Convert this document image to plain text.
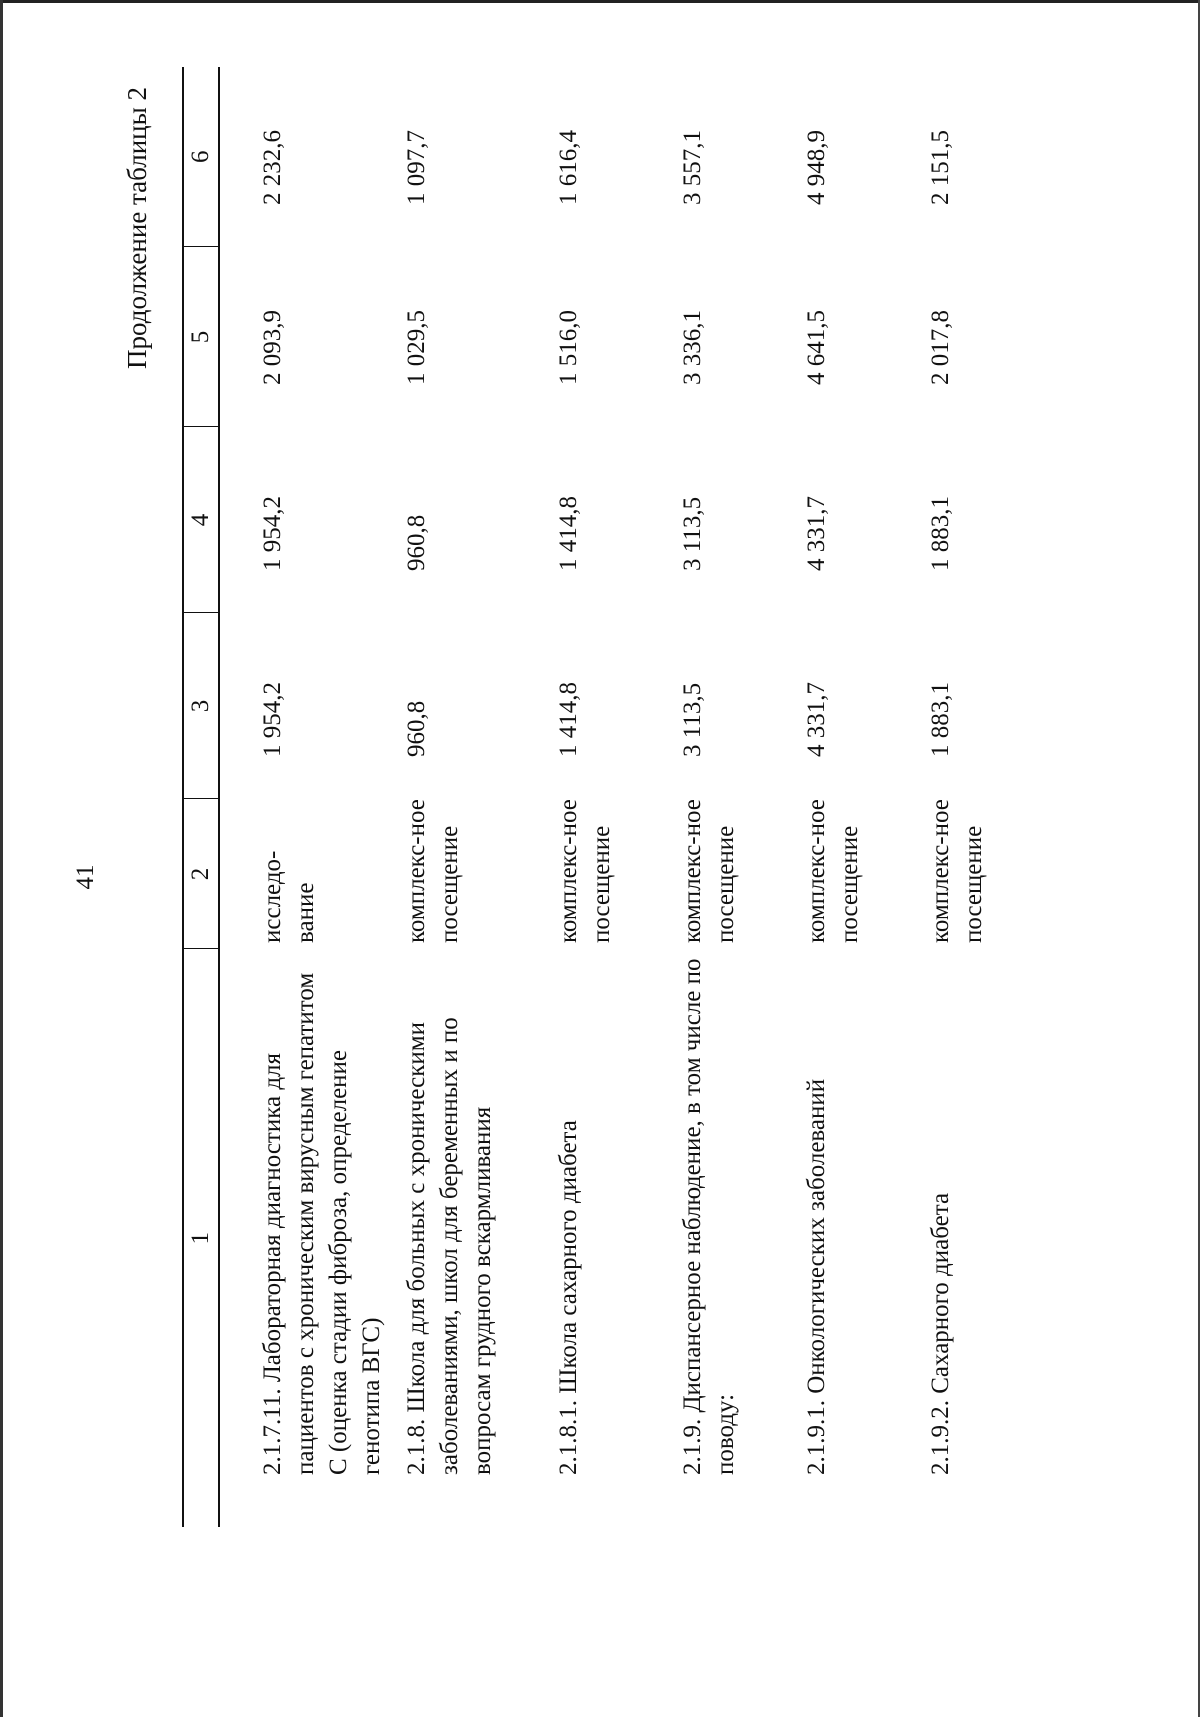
41
Продолжение таблицы 2
1	2	3	4	5	6
2.1.7.11. Лабораторная диагностика для пациентов с хроническим вирусным гепатитом С (оценка стадии фиброза, определение генотипа ВГС)	исследо-вание	1 954,2	1 954,2	2 093,9	2 232,6
2.1.8. Школа для больных с хроническими заболеваниями, школ для беременных и по вопросам грудного вскармливания	комплекс-ное посещение	960,8	960,8	1 029,5	1 097,7
2.1.8.1. Школа сахарного диабета	комплекс-ное посещение	1 414,8	1 414,8	1 516,0	1 616,4
2.1.9. Диспансерное наблюдение, в том числе по поводу:	комплекс-ное посещение	3 113,5	3 113,5	3 336,1	3 557,1
2.1.9.1. Онкологических заболеваний	комплекс-ное посещение	4 331,7	4 331,7	4 641,5	4 948,9
2.1.9.2. Сахарного диабета	комплекс-ное посещение	1 883,1	1 883,1	2 017,8	2 151,5
